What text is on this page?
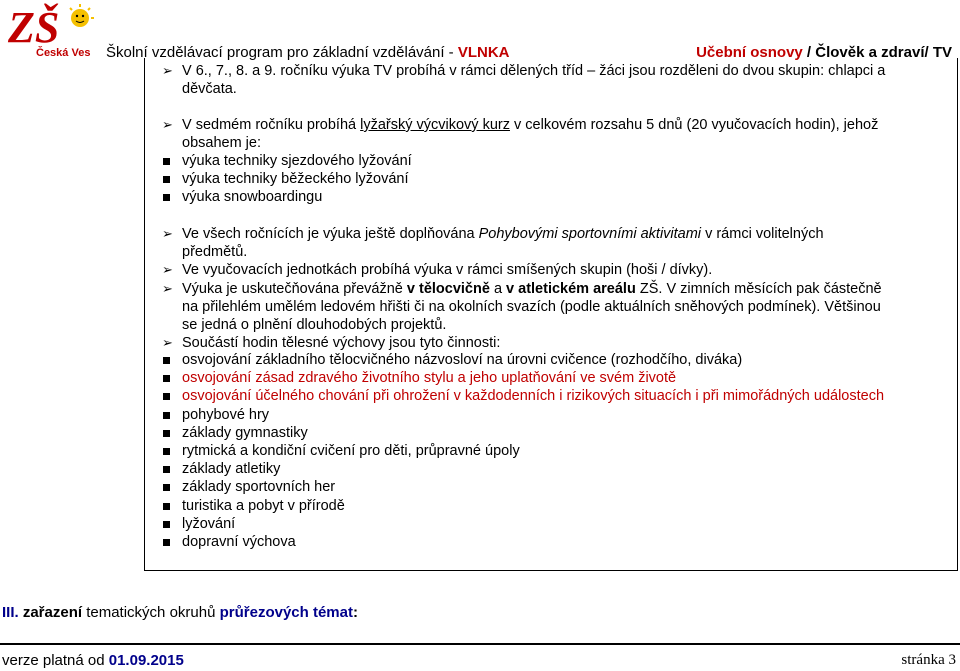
ZŠ
Česká Ves Školní vzdělávací program pro základní vzdělávání - VLNKA	Učební osnovy / Člověk a zdraví/ TV
➢ V 6., 7., 8. a 9. ročníku výuka TV probíhá v rámci dělených tříd – žáci jsou rozděleni do dvou skupin: chlapci a
děvčata.
➢ V sedmém ročníku probíhá lyžařský výcvikový kurz v celkovém rozsahu 5 dnů (20 vyučovacích hodin), jehož
obsahem je:
výuka techniky sjezdového lyžování
výuka techniky běžeckého lyžování
výuka snowboardingu
➢ Ve všech ročnících je výuka ještě doplňována Pohybovými sportovními aktivitami v rámci volitelných
předmětů.
➢ Ve vyučovacích jednotkách probíhá výuka v rámci smíšených skupin (hoši / dívky).
➢ Výuka je uskutečňována převážně v tělocvičně a v atletickém areálu ZŠ. V zimních měsících pak částečně
na přilehlém umělém ledovém hřišti či na okolních svazích (podle aktuálních sněhových podmínek). Většinou
se jedná o plnění dlouhodobých projektů.
➢ Součástí hodin tělesné výchovy jsou tyto činnosti:
osvojování základního tělocvičného názvosloví na úrovni cvičence (rozhodčího, diváka)
osvojování zásad zdravého životního stylu a jeho uplatňování ve svém životě
osvojování účelného chování při ohrožení v každodenních i rizikových situacích i při mimořádných událostech
pohybové hry
základy gymnastiky
rytmická a kondiční cvičení pro děti, průpravné úpoly
základy atletiky
základy sportovních her
turistika a pobyt v přírodě
lyžování
dopravní výchova
III. zařazení tematických okruhů průřezových témat:
verze platná od 01.09.2015	stránka 3
